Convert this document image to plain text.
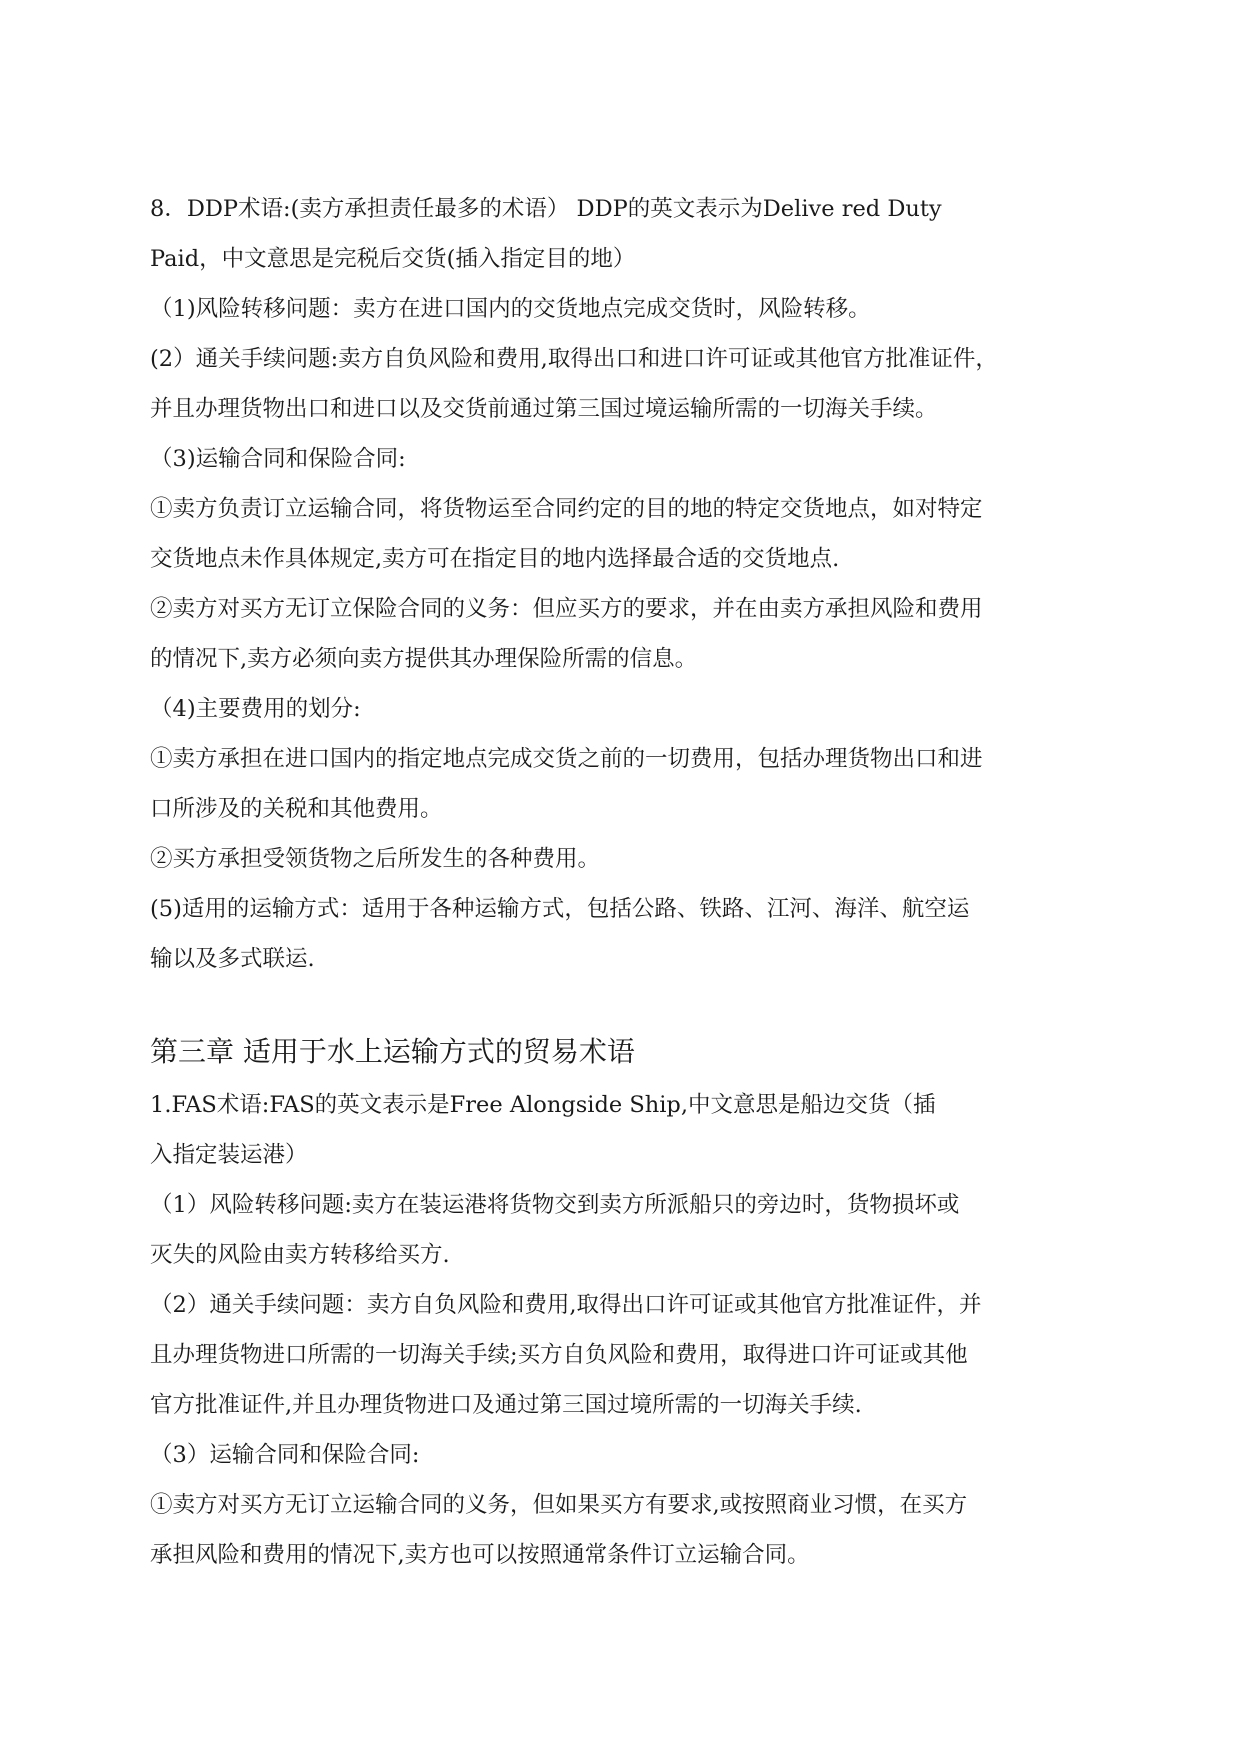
8．DDP术语:(卖方承担责任最多的术语） DDP的英文表示为Delive red Duty
Paid，中文意思是完税后交货(插入指定目的地）
（1)风险转移问题：卖方在进口国内的交货地点完成交货时，风险转移。
(2）通关手续问题:卖方自负风险和费用,取得出口和进口许可证或其他官方批准证件，
并且办理货物出口和进口以及交货前通过第三国过境运输所需的一切海关手续。
（3)运输合同和保险合同:
①卖方负责订立运输合同，将货物运至合同约定的目的地的特定交货地点，如对特定
交货地点未作具体规定,卖方可在指定目的地内选择最合适的交货地点.
②卖方对买方无订立保险合同的义务：但应买方的要求，并在由卖方承担风险和费用
的情况下,卖方必须向卖方提供其办理保险所需的信息。
（4)主要费用的划分:
①卖方承担在进口国内的指定地点完成交货之前的一切费用，包括办理货物出口和进
口所涉及的关税和其他费用。
②买方承担受领货物之后所发生的各种费用。
(5)适用的运输方式：适用于各种运输方式，包括公路、铁路、江河、海洋、航空运
输以及多式联运.
第三章 适用于水上运输方式的贸易术语
1.FAS术语:FAS的英文表示是Free Alongside Ship,中文意思是船边交货（插
入指定装运港）
（1）风险转移问题:卖方在装运港将货物交到卖方所派船只的旁边时，货物损坏或
灭失的风险由卖方转移给买方.
（2）通关手续问题：卖方自负风险和费用,取得出口许可证或其他官方批准证件，并
且办理货物进口所需的一切海关手续;买方自负风险和费用，取得进口许可证或其他
官方批准证件,并且办理货物进口及通过第三国过境所需的一切海关手续.
（3）运输合同和保险合同:
①卖方对买方无订立运输合同的义务，但如果买方有要求,或按照商业习惯，在买方
承担风险和费用的情况下,卖方也可以按照通常条件订立运输合同。
